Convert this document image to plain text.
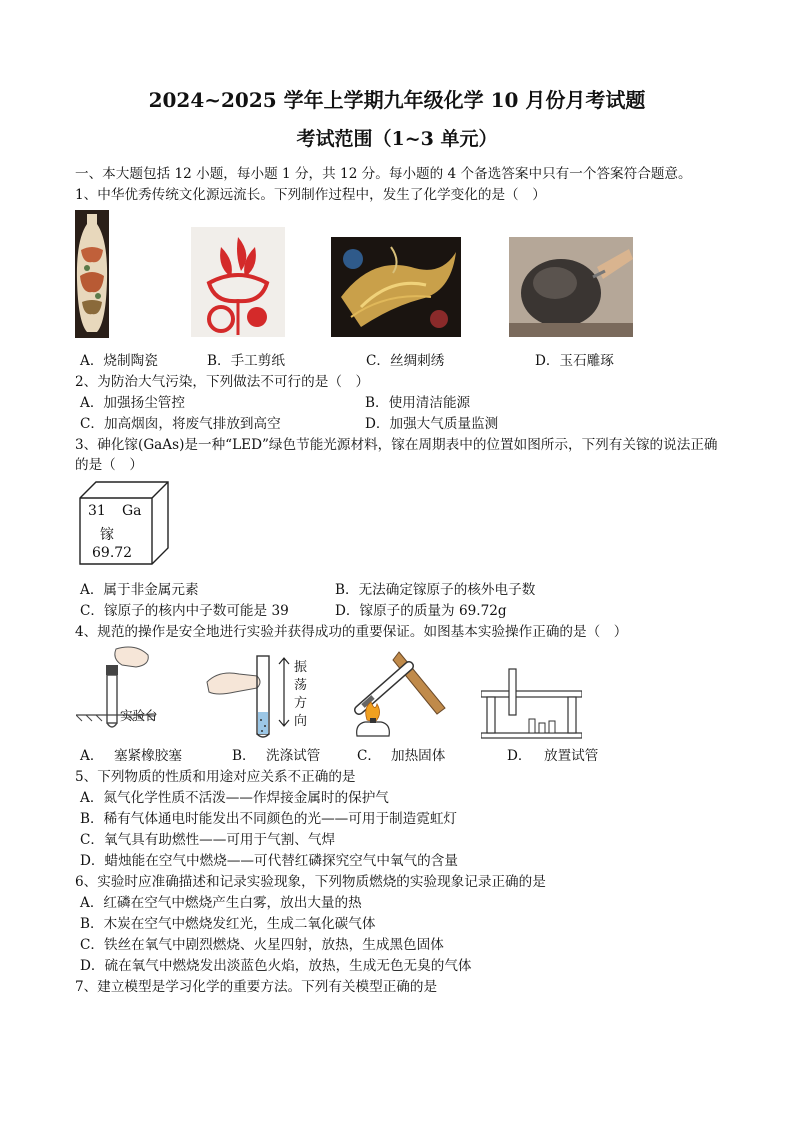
2024~2025 学年上学期九年级化学 10 月份月考试题
考试范围（1~3 单元）
一、本大题包括 12 小题，每小题 1 分，共 12 分。每小题的 4 个备选答案中只有一个答案符合题意。
1、中华优秀传统文化源远流长。下列制作过程中，发生了化学变化的是（　）
A．烧制陶瓷	B．手工剪纸	C．丝绸刺绣	D．玉石雕琢
2、为防治大气污染，下列做法不可行的是（　）
A．加强扬尘管控	B．使用清洁能源
C．加高烟囱，将废气排放到高空	D．加强大气质量监测
3、砷化镓(GaAs)是一种“LED”绿色节能光源材料，镓在周期表中的位置如图所示，下列有关镓的说法正确
的是（　）
31 Ga
镓
69.72
A．属于非金属元素	B．无法确定镓原子的核外电子数
C．镓原子的核内中子数可能是 39	D．镓原子的质量为 69.72g
4、规范的操作是安全地进行实验并获得成功的重要保证。如图基本实验操作正确的是（　）
实验台
振
荡
方
向
A． 塞紧橡胶塞	B． 洗涤试管	C． 加热固体	D． 放置试管
5、下列物质的性质和用途对应关系不正确的是
A．氮气化学性质不活泼——作焊接金属时的保护气
B．稀有气体通电时能发出不同颜色的光——可用于制造霓虹灯
C．氧气具有助燃性——可用于气割、气焊
D．蜡烛能在空气中燃烧——可代替红磷探究空气中氧气的含量
6、实验时应准确描述和记录实验现象，下列物质燃烧的实验现象记录正确的是
A．红磷在空气中燃烧产生白雾，放出大量的热
B．木炭在空气中燃烧发红光，生成二氧化碳气体
C．铁丝在氧气中剧烈燃烧、火星四射，放热，生成黑色固体
D．硫在氧气中燃烧发出淡蓝色火焰，放热，生成无色无臭的气体
7、建立模型是学习化学的重要方法。下列有关模型正确的是
